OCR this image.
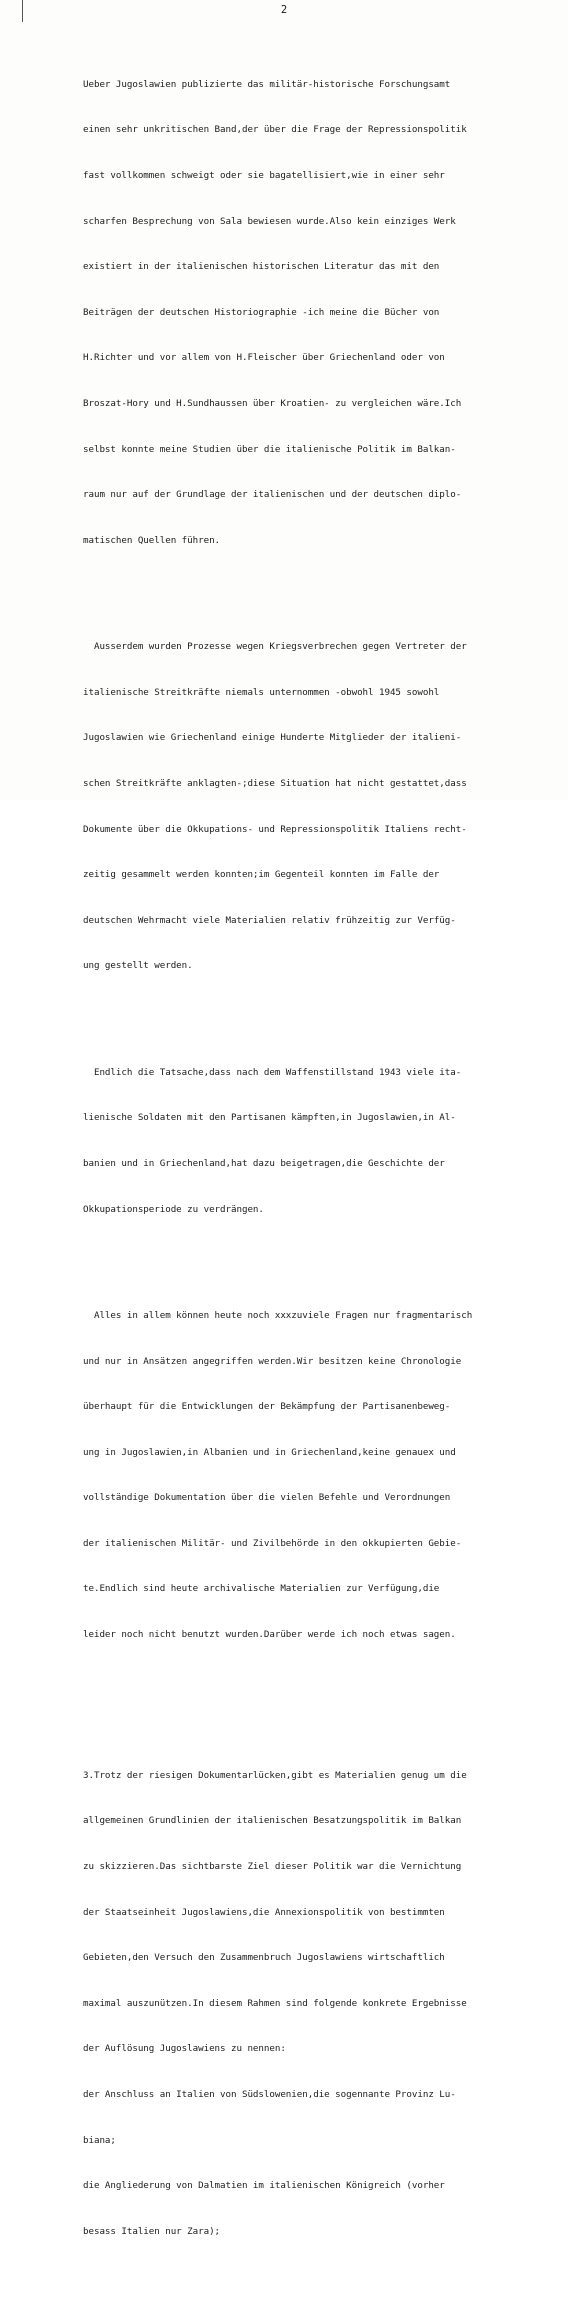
2

Ueber Jugoslawien publizierte das militär-historische Forschungsamt

einen sehr unkritischen Band,der über die Frage der Repressionspolitik

fast vollkommen schweigt oder sie bagatellisiert,wie in einer sehr

scharfen Besprechung von Sala bewiesen wurde.Also kein einziges Werk

existiert in der italienischen historischen Literatur das mit den

Beiträgen der deutschen Historiographie -ich meine die Bücher von

H.Richter und vor allem von H.Fleischer über Griechenland oder von

Broszat-Hory und H.Sundhaussen über Kroatien- zu vergleichen wäre.Ich

selbst konnte meine Studien über die italienische Politik im Balkan-

raum nur auf der Grundlage der italienischen und der deutschen diplo-

matischen Quellen führen.

Ausserdem wurden Prozesse wegen Kriegsverbrechen gegen Vertreter der

italienische Streitkräfte niemals unternommen -obwohl 1945 sowohl

Jugoslawien wie Griechenland einige Hunderte Mitglieder der italieni-

schen Streitkräfte anklagten-;diese Situation hat nicht gestattet,dass

Dokumente über die Okkupations- und Repressionspolitik Italiens recht-

zeitig gesammelt werden konnten;im Gegenteil konnten im Falle der

deutschen Wehrmacht viele Materialien relativ frühzeitig zur Verfüg-

ung gestellt werden.

Endlich die Tatsache,dass nach dem Waffenstillstand 1943 viele ita-

lienische Soldaten mit den Partisanen kämpften,in Jugoslawien,in Al-

banien und in Griechenland,hat dazu beigetragen,die Geschichte der

Okkupationsperiode zu verdrängen.

Alles in allem können heute noch xxxzuviele Fragen nur fragmentarisch

und nur in Ansätzen angegriffen werden.Wir besitzen keine Chronologie

überhaupt für die Entwicklungen der Bekämpfung der Partisanenbeweg-

ung in Jugoslawien,in Albanien und in Griechenland,keine genauex und

vollständige Dokumentation über die vielen Befehle und Verordnungen

der italienischen Militär- und Zivilbehörde in den okkupierten Gebie-

te.Endlich sind heute archivalische Materialien zur Verfügung,die

leider noch nicht benutzt wurden.Darüber werde ich noch etwas sagen.

3.Trotz der riesigen Dokumentarlücken,gibt es Materialien genug um die

allgemeinen Grundlinien der italienischen Besatzungspolitik im Balkan

zu skizzieren.Das sichtbarste Ziel dieser Politik war die Vernichtung

der Staatseinheit Jugoslawiens,die Annexionspolitik von bestimmten

Gebieten,den Versuch den Zusammenbruch Jugoslawiens wirtschaftlich

maximal auszunützen.In diesem Rahmen sind folgende konkrete Ergebnisse

der Auflösung Jugoslawiens zu nennen:

der Anschluss an Italien von Südslowenien,die sogennante Provinz Lu-

biana;

die Angliederung von Dalmatien im italienischen Königreich (vorher

besass Italien nur Zara);
